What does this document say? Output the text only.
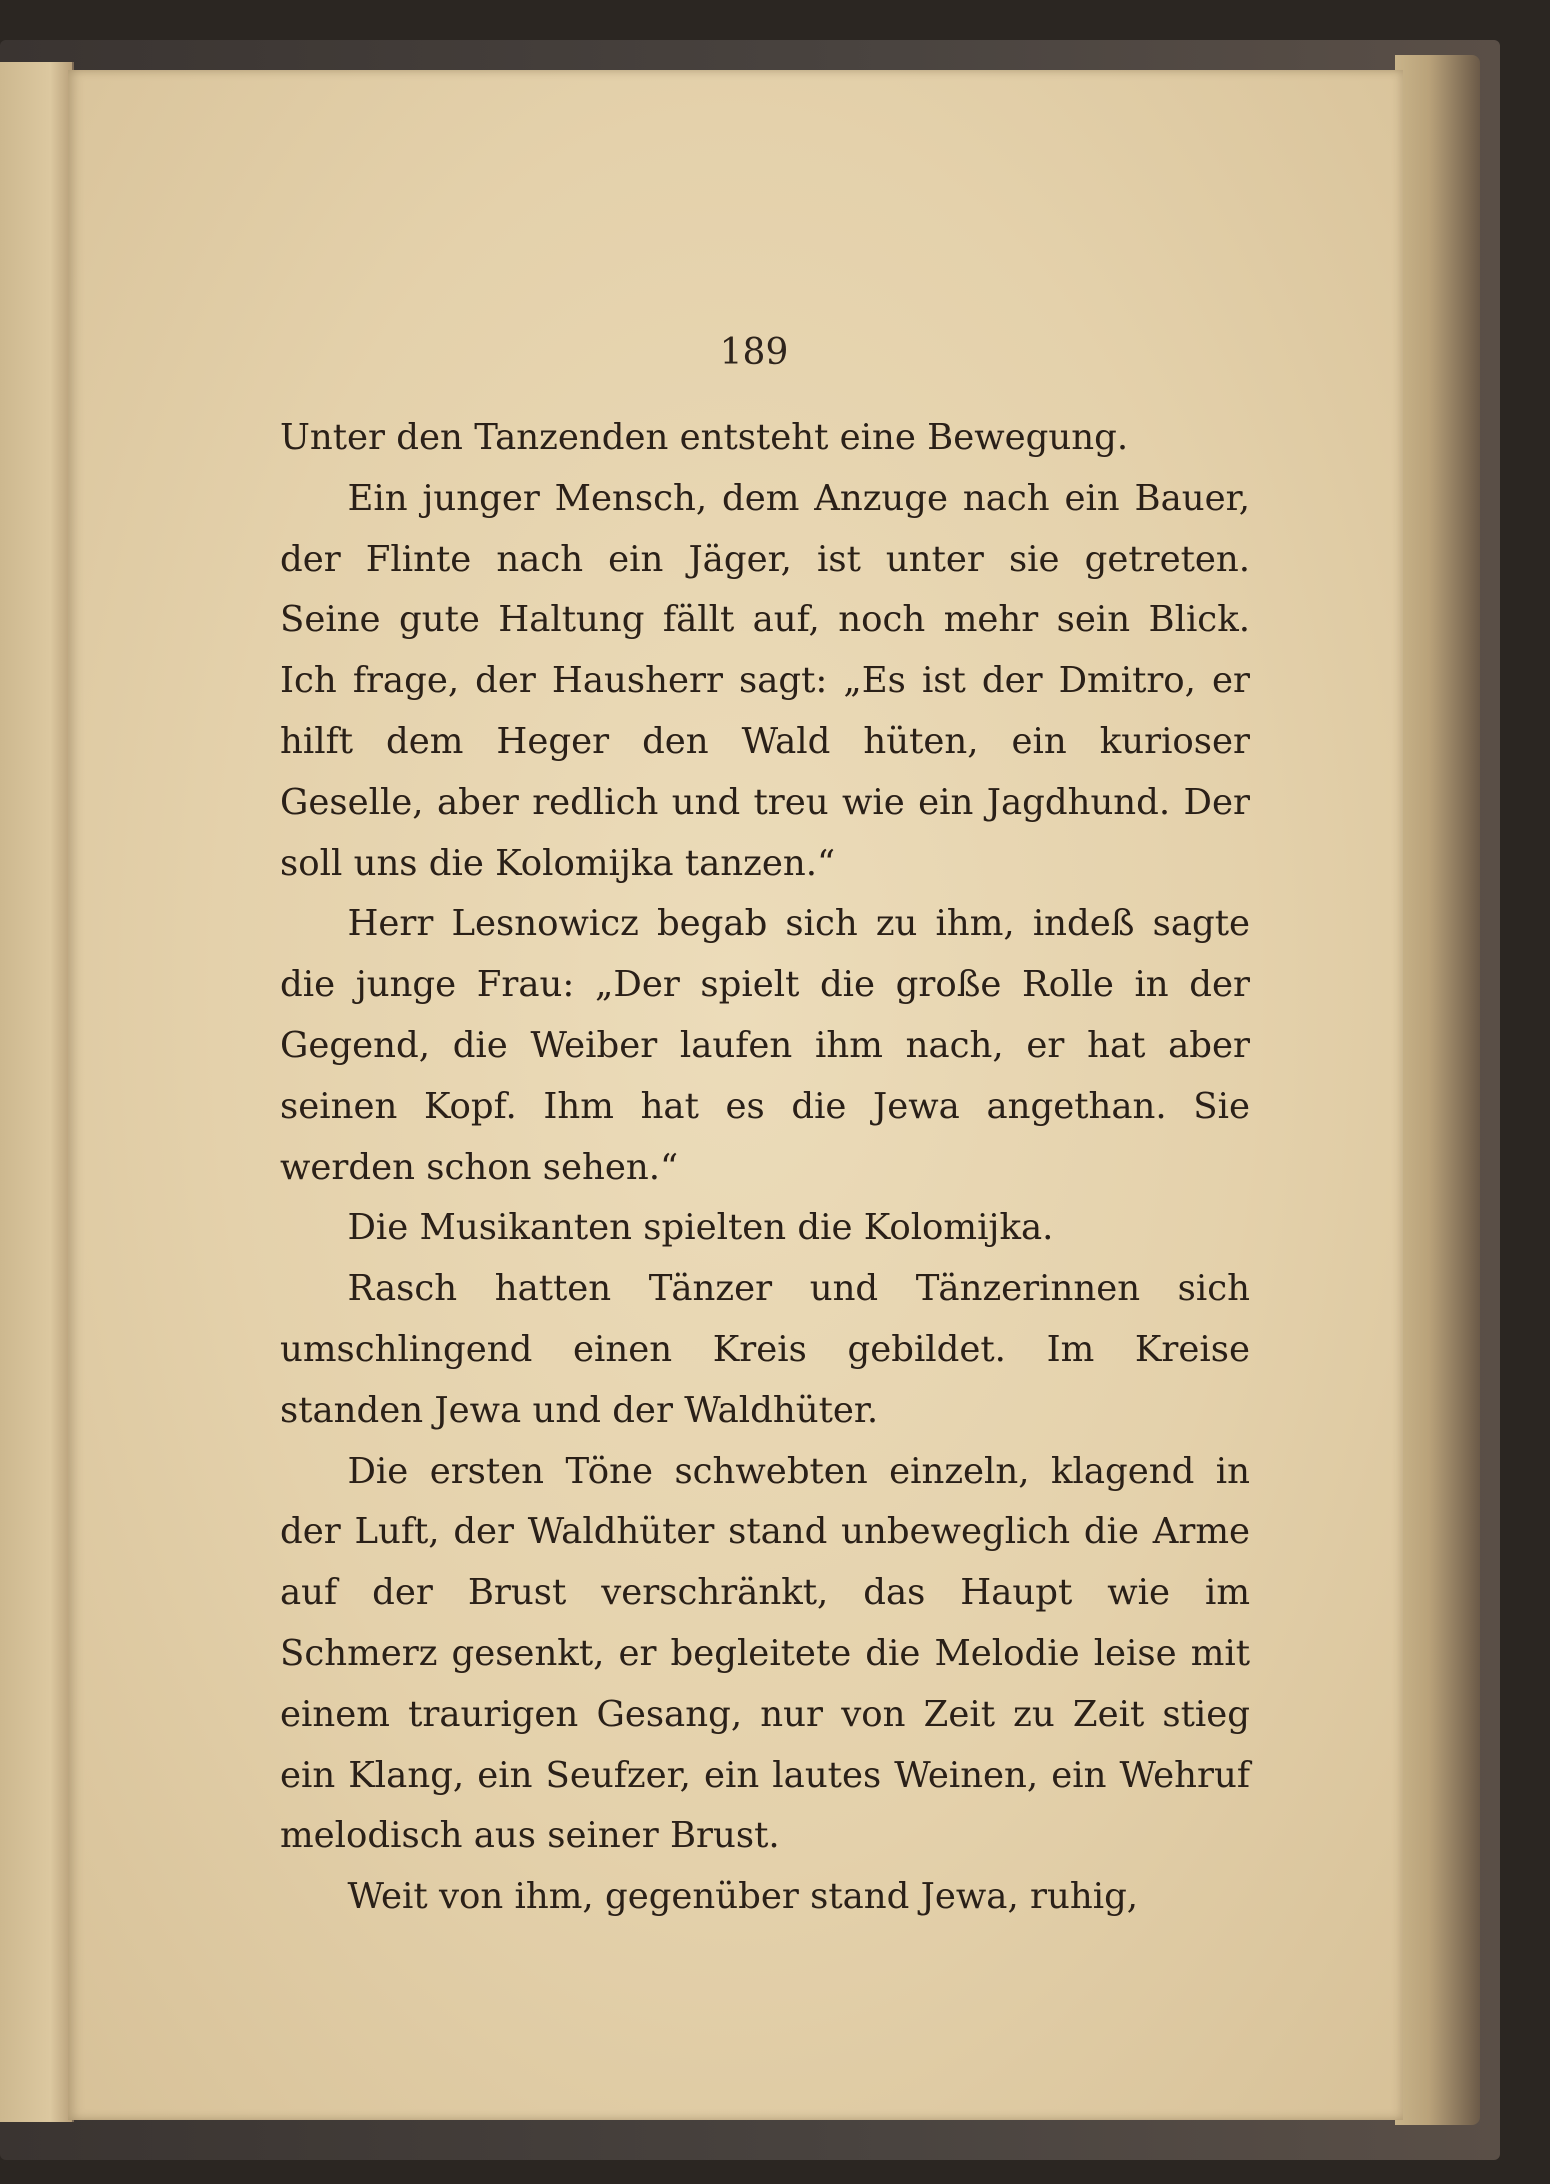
189

Unter den Tanzenden entsteht eine Bewegung.

Ein junger Mensch, dem Anzuge nach ein Bauer, der Flinte nach ein Jäger, ist unter sie getreten. Seine gute Haltung fällt auf, noch mehr sein Blick. Ich frage, der Hausherr sagt: „Es ist der Dmitro, er hilft dem Heger den Wald hüten, ein kurioser Geselle, aber redlich und treu wie ein Jagdhund. Der soll uns die Kolomijka tanzen.“

Herr Lesnowicz begab sich zu ihm, indeß sagte die junge Frau: „Der spielt die große Rolle in der Gegend, die Weiber laufen ihm nach, er hat aber seinen Kopf. Ihm hat es die Jewa angethan. Sie werden schon sehen.“

Die Musikanten spielten die Kolomijka.

Rasch hatten Tänzer und Tänzerinnen sich umschlingend einen Kreis gebildet. Im Kreise standen Jewa und der Waldhüter.

Die ersten Töne schwebten einzeln, klagend in der Luft, der Waldhüter stand unbeweglich die Arme auf der Brust verschränkt, das Haupt wie im Schmerz gesenkt, er begleitete die Melodie leise mit einem traurigen Gesang, nur von Zeit zu Zeit stieg ein Klang, ein Seufzer, ein lautes Weinen, ein Wehruf melodisch aus seiner Brust.

Weit von ihm, gegenüber stand Jewa, ruhig,
